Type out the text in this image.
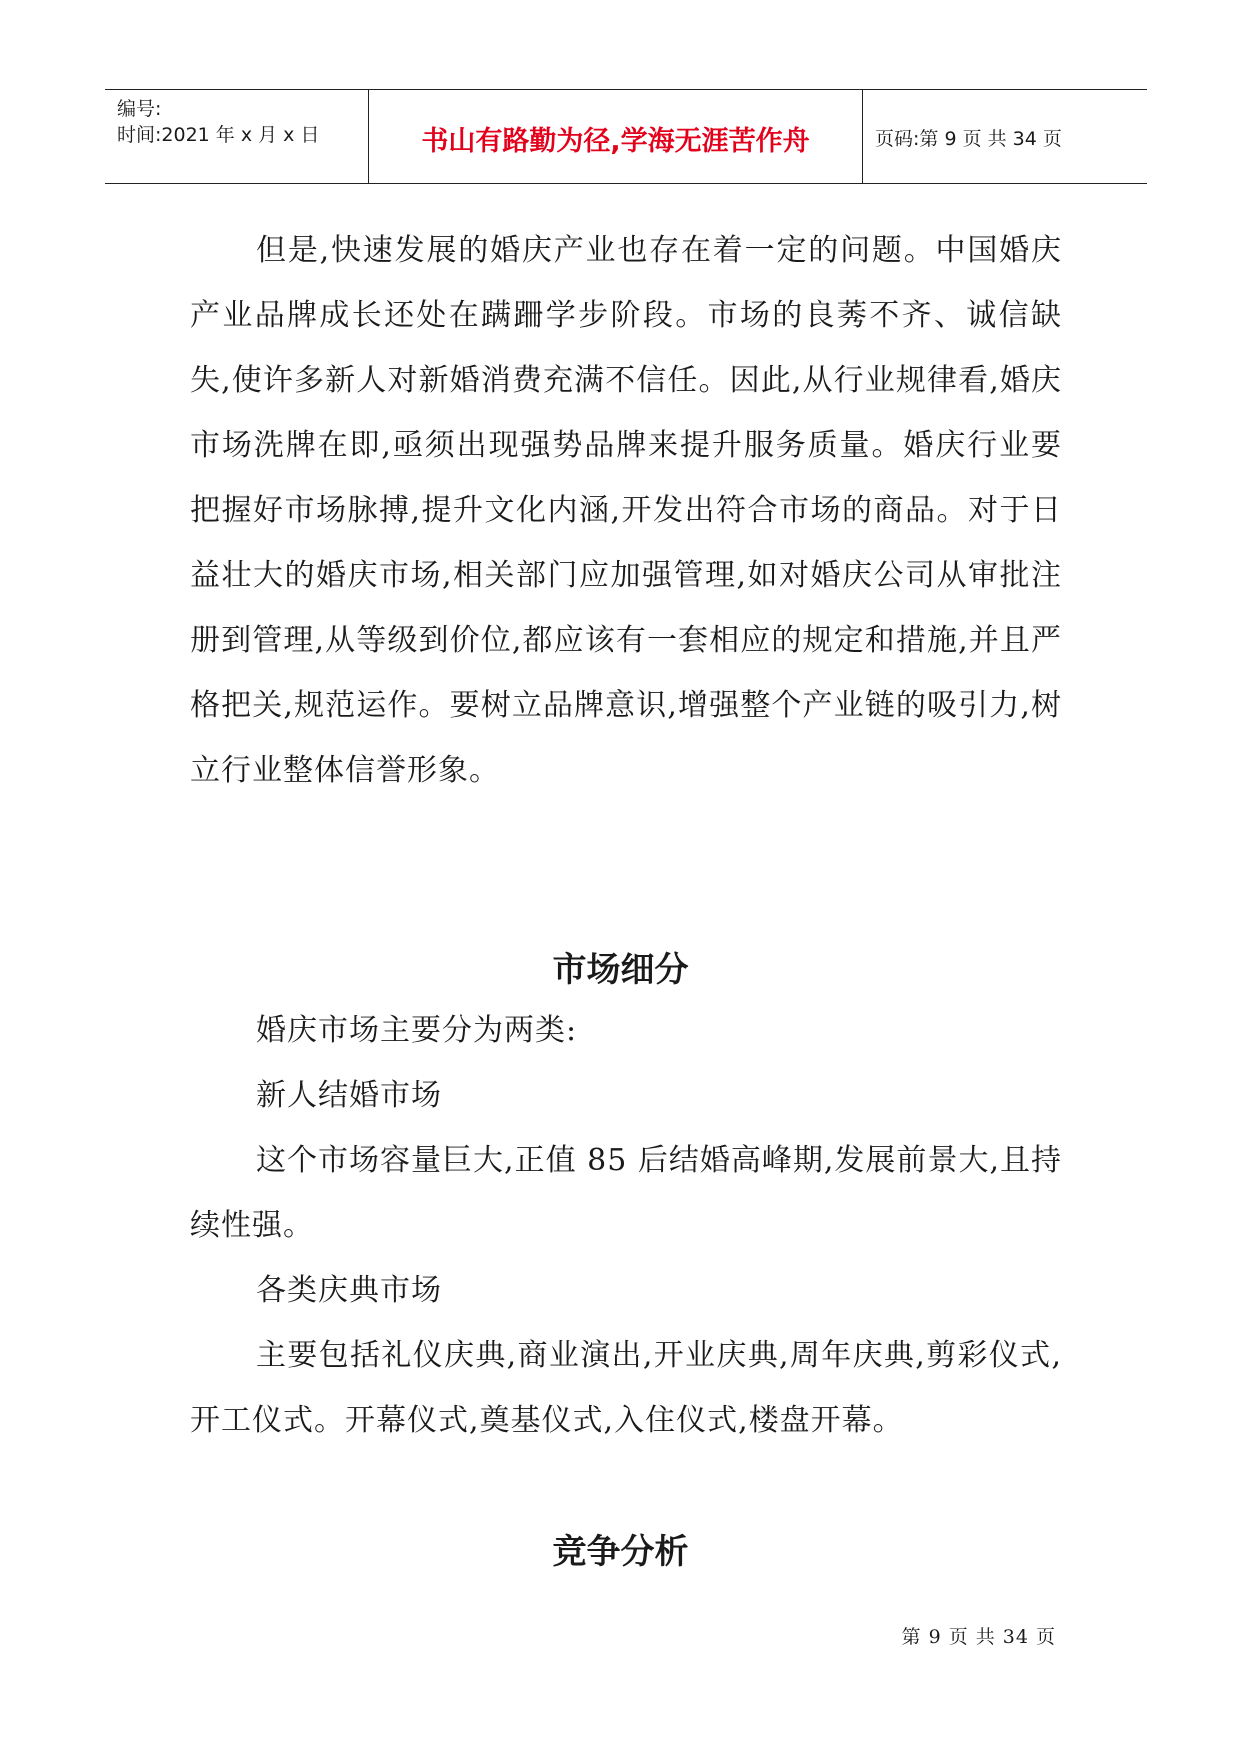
编号:
时间:2021 年 x 月 x 日	书山有路勤为径,学海无涯苦作舟	页码:第 9 页 共 34 页

但是,快速发展的婚庆产业也存在着一定的问题。中国婚庆产业品牌成长还处在蹒跚学步阶段。市场的良莠不齐、诚信缺失,使许多新人对新婚消费充满不信任。因此,从行业规律看,婚庆市场洗牌在即,亟须出现强势品牌来提升服务质量。婚庆行业要把握好市场脉搏,提升文化内涵,开发出符合市场的商品。对于日益壮大的婚庆市场,相关部门应加强管理,如对婚庆公司从审批注册到管理,从等级到价位,都应该有一套相应的规定和措施,并且严格把关,规范运作。要树立品牌意识,增强整个产业链的吸引力,树立行业整体信誉形象。

市场细分

婚庆市场主要分为两类:

新人结婚市场

这个市场容量巨大,正值 85 后结婚高峰期,发展前景大,且持续性强。

各类庆典市场

主要包括礼仪庆典,商业演出,开业庆典,周年庆典,剪彩仪式,开工仪式。开幕仪式,奠基仪式,入住仪式,楼盘开幕。

竞争分析
第 9 页 共 34 页
